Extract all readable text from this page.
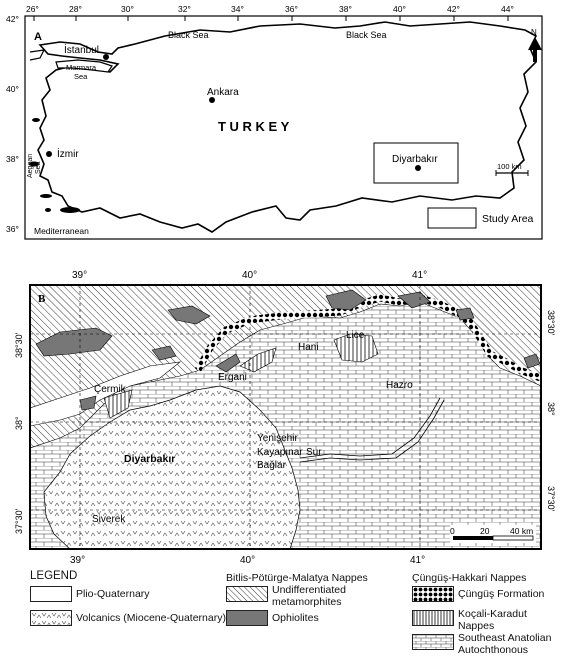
A
26°	28°	30°	32°	34°	36°	38°	40°	42°	44°
42°
40°
38°
36°
Black Sea	Black Sea
Marmara Sea
AegeanSea
Mediterranean
İstanbul
Ankara
İzmir
T U R K E Y
Diyarbakır
N
100 km
Study Area
B
39°	40°	41°
39°	40°	41°
38°30'
38°
37°30'
38°30'
38°
37°30'
Diyarbakır
Siverek
Ergani
Çermik
Hani
Lice
Hazro
Yenişehir
Kayapınar Sur
Bağlar
0	20 40 km
LEGEND
Plio-Quaternary
Volcanics (Miocene-Quaternary)
Bitlis-Pötürge-Malatya Nappes
Undifferentiated metamorphites
Ophiolites
Çüngüş-Hakkari Nappes
Çüngüş Formation
Koçali-Karadut Nappes
Southeast Anatolian Autochthonous
